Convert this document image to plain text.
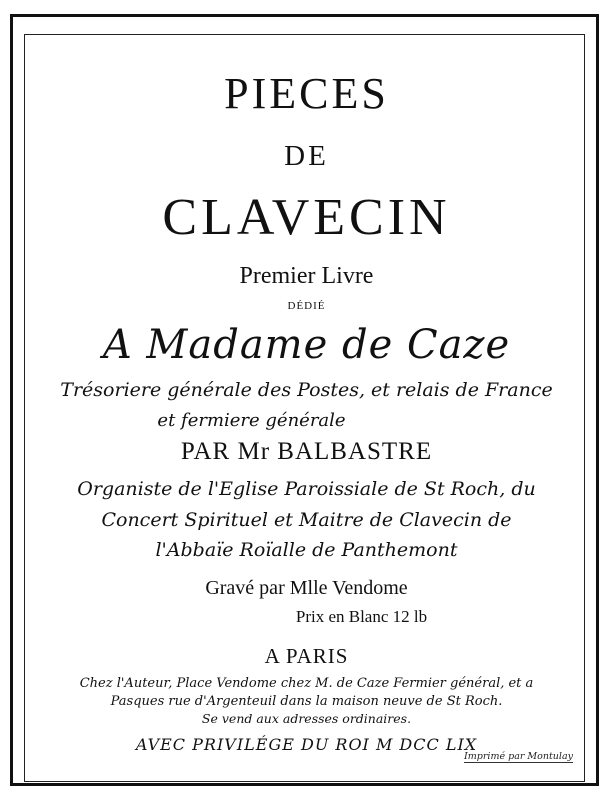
PIECES
DE
CLAVECIN
Premier Livre
DÉDIÉ
A Madame de Caze
Trésoriere générale des Postes, et relais de France
et fermiere générale
PAR Mr BALBASTRE
Organiste de l'Eglise Paroissiale de St Roch, du
Concert Spirituel et Maitre de Clavecin de
l'Abbaïe Roïalle de Panthemont
Gravé par Mlle Vendome
Prix en Blanc 12 lb
A PARIS
Chez l'Auteur, Place Vendome chez M. de Caze Fermier général, et a
Pasques rue d'Argenteuil dans la maison neuve de St Roch.
Se vend aux adresses ordinaires.
AVEC PRIVILÉGE DU ROI M DCC LIX
Imprimé par Montulay
